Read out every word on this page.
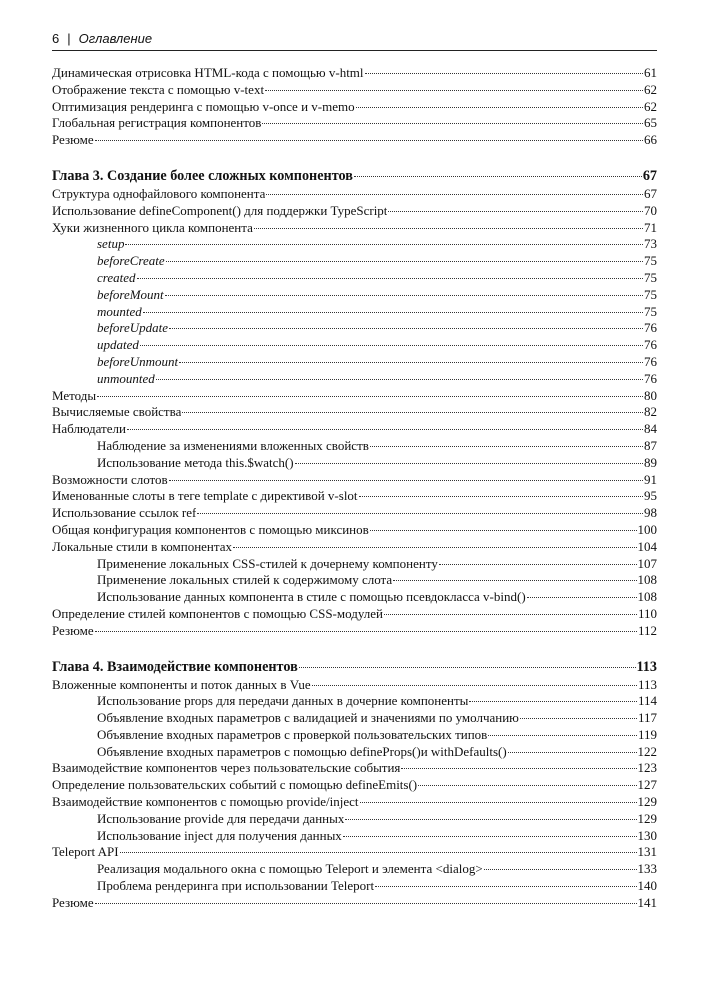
6 | Оглавление
Динамическая отрисовка HTML-кода с помощью v-html	61
Отображение текста с помощью v-text	62
Оптимизация рендеринга с помощью v-once и v-memo	62
Глобальная регистрация компонентов	65
Резюме	66
Глава 3. Создание более сложных компонентов	67
Структура однофайлового компонента	67
Использование defineComponent() для поддержки TypeScript	70
Хуки жизненного цикла компонента	71
setup	73
beforeCreate	75
created	75
beforeMount	75
mounted	75
beforeUpdate	76
updated	76
beforeUnmount	76
unmounted	76
Методы	80
Вычисляемые свойства	82
Наблюдатели	84
Наблюдение за изменениями вложенных свойств	87
Использование метода this.$watch()	89
Возможности слотов	91
Именованные слоты в теге template с директивой v-slot	95
Использование ссылок ref	98
Общая конфигурация компонентов с помощью миксинов	100
Локальные стили в компонентах	104
Применение локальных CSS-стилей к дочернему компоненту	107
Применение локальных стилей к содержимому слота	108
Использование данных компонента в стиле с помощью псевдокласса v-bind()	108
Определение стилей компонентов с помощью CSS-модулей	110
Резюме	112
Глава 4. Взаимодействие компонентов	113
Вложенные компоненты и поток данных в Vue	113
Использование props для передачи данных в дочерние компоненты	114
Объявление входных параметров с валидацией и значениями по умолчанию	117
Объявление входных параметров с проверкой пользовательских типов	119
Объявление входных параметров с помощью defineProps()и withDefaults()	122
Взаимодействие компонентов через пользовательские события	123
Определение пользовательских событий с помощью defineEmits()	127
Взаимодействие компонентов с помощью provide/inject	129
Использование provide для передачи данных	129
Использование inject для получения данных	130
Teleport API	131
Реализация модального окна с помощью Teleport и элемента <dialog>	133
Проблема рендеринга при использовании Teleport	140
Резюме	141
